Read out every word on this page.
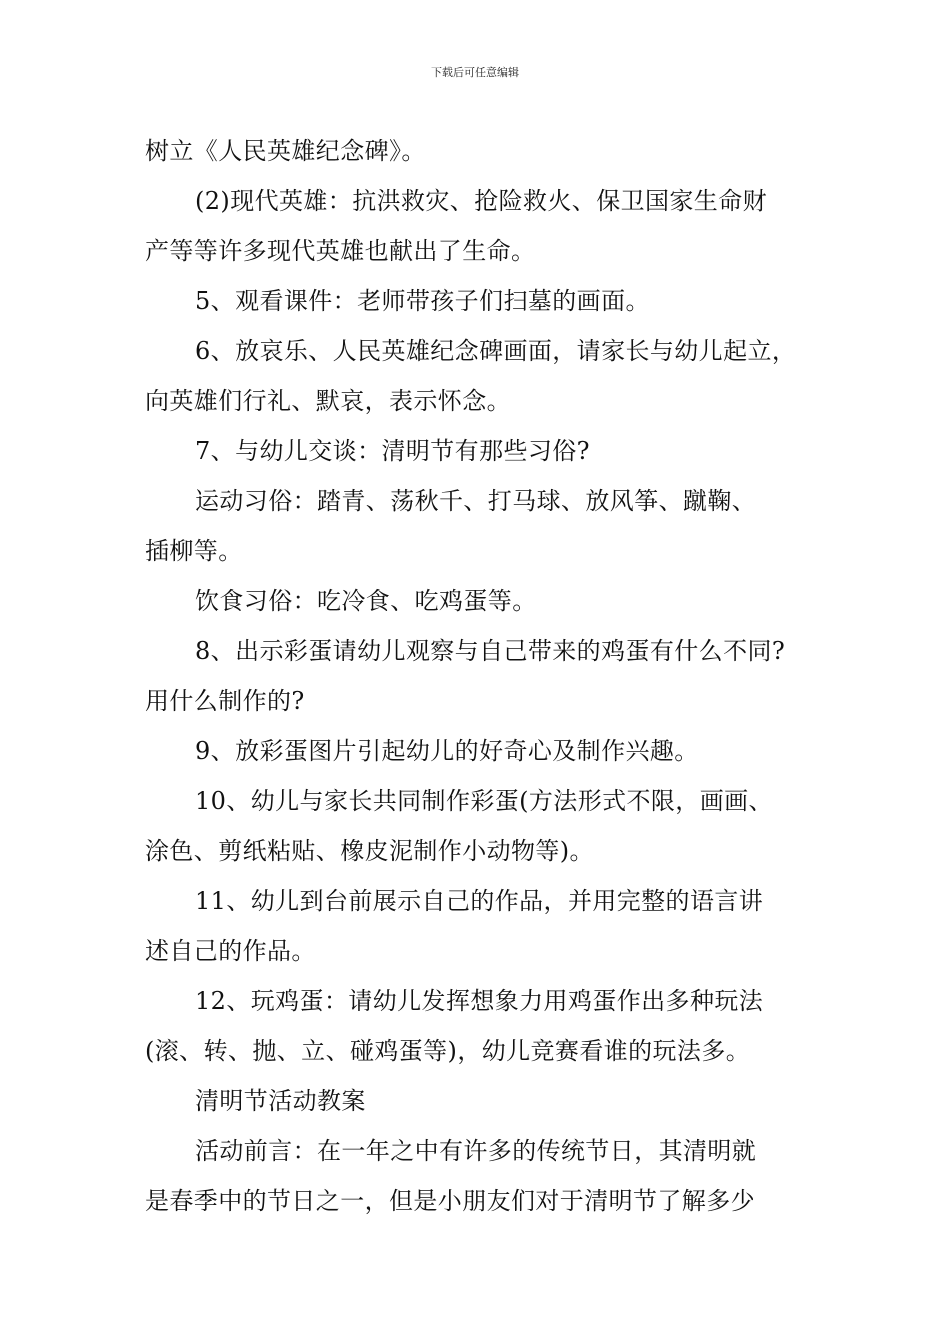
下载后可任意编辑

树立《人民英雄纪念碑》。

(2)现代英雄：抗洪救灾、抢险救火、保卫国家生命财

产等等许多现代英雄也献出了生命。

5、观看课件：老师带孩子们扫墓的画面。

6、放哀乐、人民英雄纪念碑画面，请家长与幼儿起立，

向英雄们行礼、默哀，表示怀念。

7、与幼儿交谈：清明节有那些习俗?

运动习俗：踏青、荡秋千、打马球、放风筝、蹴鞠、

插柳等。

饮食习俗：吃冷食、吃鸡蛋等。

8、出示彩蛋请幼儿观察与自己带来的鸡蛋有什么不同?

用什么制作的?

9、放彩蛋图片引起幼儿的好奇心及制作兴趣。

10、幼儿与家长共同制作彩蛋(方法形式不限，画画、

涂色、剪纸粘贴、橡皮泥制作小动物等)。

11、幼儿到台前展示自己的作品，并用完整的语言讲

述自己的作品。

12、玩鸡蛋：请幼儿发挥想象力用鸡蛋作出多种玩法

(滚、转、抛、立、碰鸡蛋等)，幼儿竞赛看谁的玩法多。

清明节活动教案

活动前言：在一年之中有许多的传统节日，其清明就

是春季中的节日之一，但是小朋友们对于清明节了解多少
